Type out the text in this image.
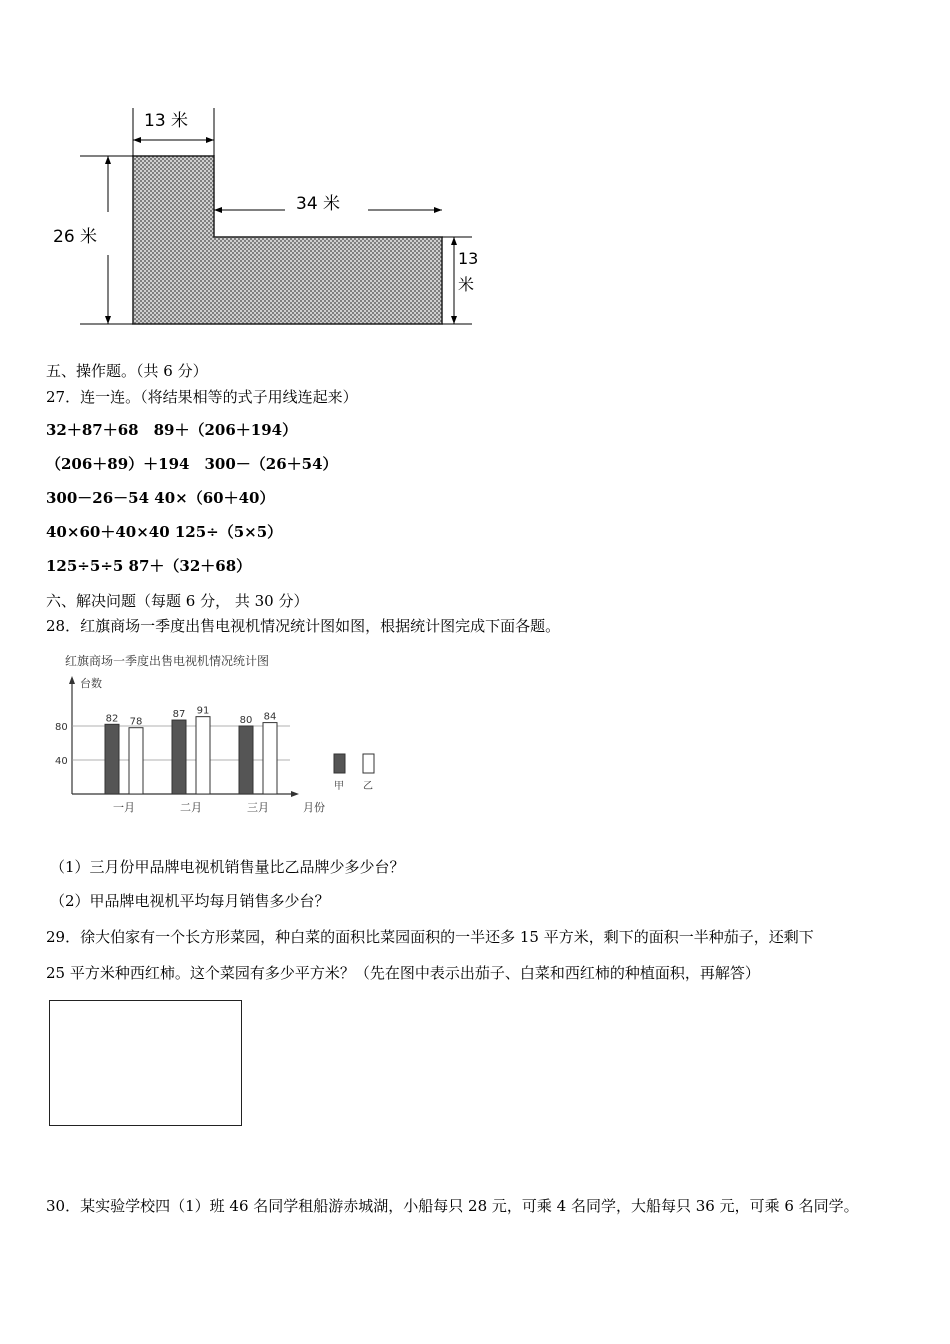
13 米
34 米
26 米
13
米
五、操作题。（共 6 分）
27．连一连。（将结果相等的式子用线连起来）
32＋87＋68　89＋（206＋194）
（206＋89）＋194　300－（26＋54）
300－26－54 40×（60＋40）
40×60＋40×40 125÷（5×5）
125÷5÷5 87＋（32＋68）
六、解决问题（每题 6 分， 共 30 分）
28．红旗商场一季度出售电视机情况统计图如图，根据统计图完成下面各题。
红旗商场一季度出售电视机情况统计图
台数
月份
40
80
82 78
一月
87 91
二月
80 84
三月
甲 乙
（1）三月份甲品牌电视机销售量比乙品牌少多少台？
（2）甲品牌电视机平均每月销售多少台？
29．徐大伯家有一个长方形菜园，种白菜的面积比菜园面积的一半还多 15 平方米，剩下的面积一半种茄子，还剩下
25 平方米种西红柿。这个菜园有多少平方米？（先在图中表示出茄子、白菜和西红柿的种植面积，再解答）
30．某实验学校四（1）班 46 名同学租船游赤城湖，小船每只 28 元，可乘 4 名同学，大船每只 36 元，可乘 6 名同学。
